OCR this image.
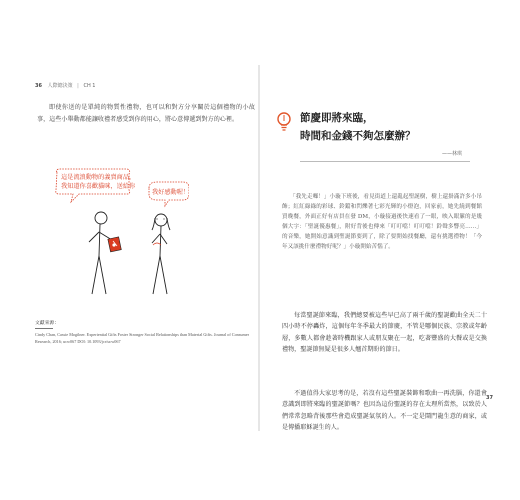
36 人際總決策 | CH 1

即使你送的是單純的物質性禮物，也可以和對方分享關於這個禮物的小故事，這些小舉動都能讓收禮者感受到你的用心，將心意傳遞到對方的心裡。

這是流浪動物的義賣商品，
我知道你喜歡貓咪，送給你
我好感動喔！
文獻來源：
Cindy Chan, Cassie Mogilner. Experiential Gifts Foster Stronger Social Relationships than Material Gifts. Journal of Consumer Research, 2016; ucw067 DOI: 10.1093/jcr/ucw067
節慶即將來臨，
時間和金錢不夠怎麼辦？
——林琪
「我先走囉！」小璇下班後，看見街道上還亂起聖誕樹，樹上還掛滿許多小吊飾；紅紅綠綠的彩球、鈴鐺和閃爍著七彩光輝的小燈泡，回家前，她先繞到餐館買晚餐，外面正好有店員在發 DM，小璇接過後快速看了一眼，映入眼簾的是幾個大字：「聖誕優惠餐」，附好背後也傳來「叮叮噹！叮叮噹！鈴聲多響亮……」的音樂，她開始意識到聖誕節要到了，除了要開始找餐廳，還有挑選禮物！「今年又該挑什麼禮物好呢？」小璇開始苦惱了。

每當聖誕節來臨，我們總要被這些早已高了兩千歲的聖誕歡曲全天二十四小時不停轟炸，這個每年冬季最大的節慶，不管是哪個民族、宗教或年齡層，多數人都會趁著時機跟家人或朋友聚在一起，吃著豐盛的大餐或是交換禮物，聖誕節無疑是很多人翹首期盼的節日。

不過值得大家思考的是，若沒有這些聖誕裝飾和歌曲一再洗腦，你還會意識到即將來臨的聖誕節嗎？也因為這份聖誕的存在太理所當然，以致於人們常常忽略背後那些會造成聖誕氣氛的人。不一定是鬧門龍生意的商家，或是傳播耶穌誕生的人。

37
